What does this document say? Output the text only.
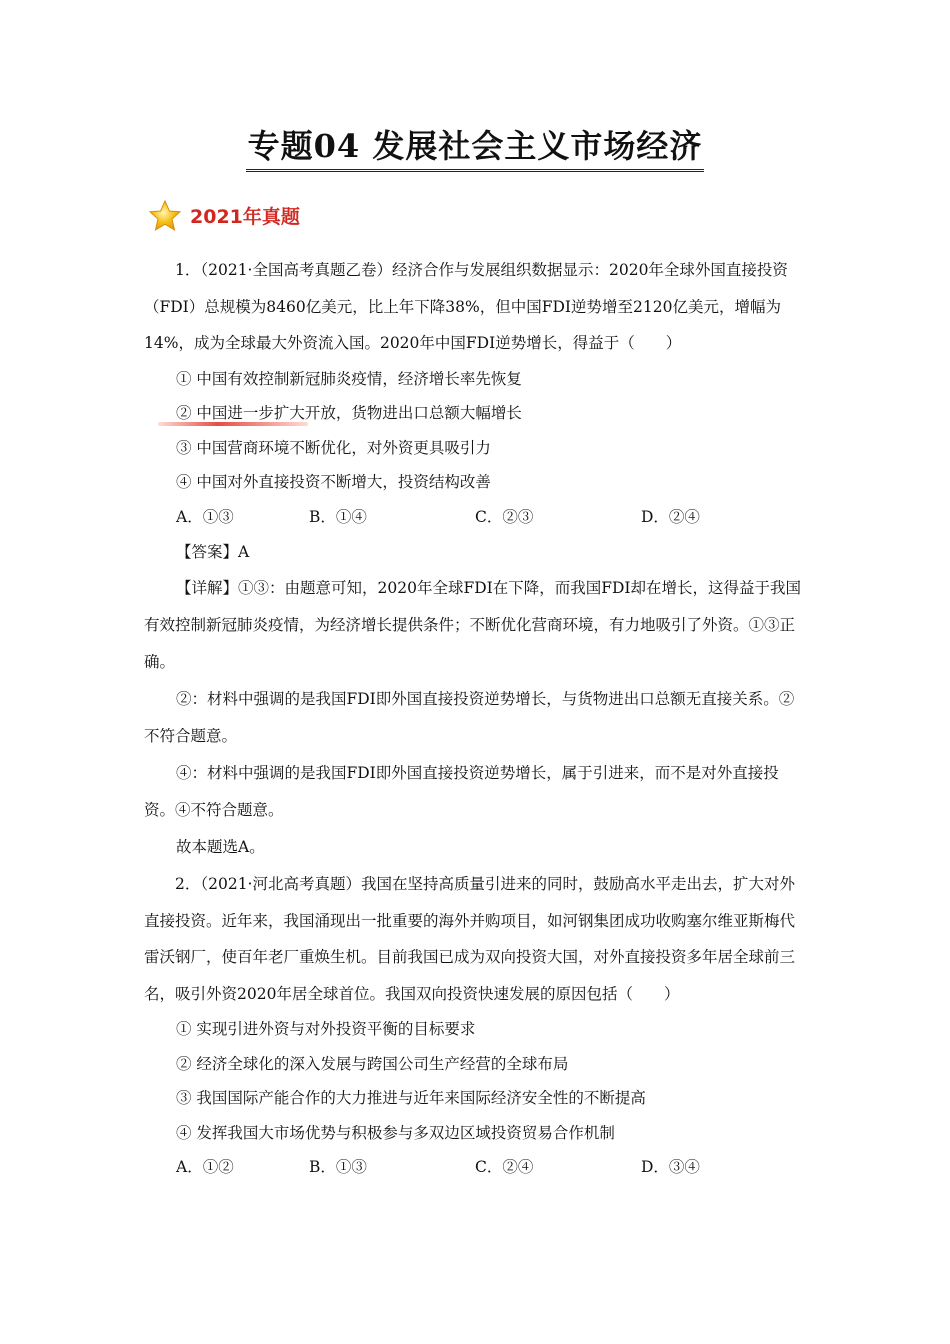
专题04 发展社会主义市场经济
2021年真题

1．（2021·全国高考真题乙卷）经济合作与发展组织数据显示：2020年全球外国直接投资（FDI）总规模为8460亿美元，比上年下降38%，但中国FDI逆势增至2120亿美元，增幅为14%，成为全球最大外资流入国。2020年中国FDI逆势增长，得益于（　　）

① 中国有效控制新冠肺炎疫情，经济增长率先恢复

② 中国进一步扩大开放，货物进出口总额大幅增长

③ 中国营商环境不断优化，对外资更具吸引力

④ 中国对外直接投资不断增大，投资结构改善

A．①③	B．①④	C．②③	D．②④

【答案】A

【详解】①③：由题意可知，2020年全球FDI在下降，而我国FDI却在增长，这得益于我国有效控制新冠肺炎疫情，为经济增长提供条件；不断优化营商环境，有力地吸引了外资。①③正确。

②：材料中强调的是我国FDI即外国直接投资逆势增长，与货物进出口总额无直接关系。②不符合题意。

④：材料中强调的是我国FDI即外国直接投资逆势增长，属于引进来，而不是对外直接投资。④不符合题意。

故本题选A。

2．（2021·河北高考真题）我国在坚持高质量引进来的同时，鼓励高水平走出去，扩大对外直接投资。近年来，我国涌现出一批重要的海外并购项目，如河钢集团成功收购塞尔维亚斯梅代雷沃钢厂，使百年老厂重焕生机。目前我国已成为双向投资大国，对外直接投资多年居全球前三名，吸引外资2020年居全球首位。我国双向投资快速发展的原因包括（　　）

① 实现引进外资与对外投资平衡的目标要求

② 经济全球化的深入发展与跨国公司生产经营的全球布局

③ 我国国际产能合作的大力推进与近年来国际经济安全性的不断提高

④ 发挥我国大市场优势与积极参与多双边区域投资贸易合作机制

A．①②	B．①③	C．②④	D．③④
